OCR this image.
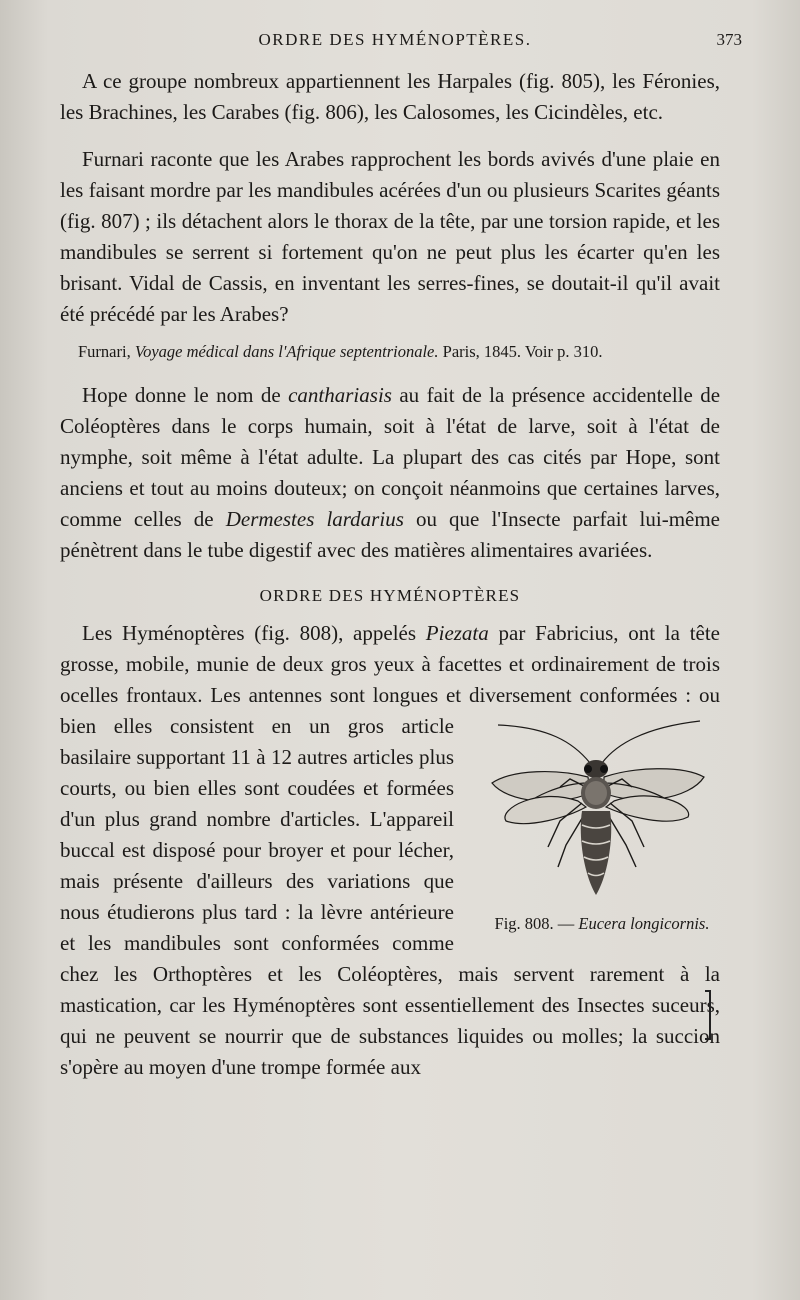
ORDRE DES HYMÉNOPTÈRES.	373

A ce groupe nombreux appartiennent les Harpales (fig. 805), les Féronies, les Brachines, les Carabes (fig. 806), les Calosomes, les Cicindèles, etc.

Furnari raconte que les Arabes rapprochent les bords avivés d'une plaie en les faisant mordre par les mandibules acérées d'un ou plusieurs Scarites géants (fig. 807) ; ils détachent alors le thorax de la tête, par une torsion rapide, et les mandibules se serrent si fortement qu'on ne peut plus les écarter qu'en les brisant. Vidal de Cassis, en inventant les serres-fines, se doutait-il qu'il avait été précédé par les Arabes?

Furnari, Voyage médical dans l'Afrique septentrionale. Paris, 1845. Voir p. 310.

Hope donne le nom de canthariasis au fait de la présence accidentelle de Coléoptères dans le corps humain, soit à l'état de larve, soit à l'état de nymphe, soit même à l'état adulte. La plupart des cas cités par Hope, sont anciens et tout au moins douteux; on conçoit néanmoins que certaines larves, comme celles de Dermestes lardarius ou que l'Insecte parfait lui-même pénètrent dans le tube digestif avec des matières alimentaires avariées.

ORDRE DES HYMÉNOPTÈRES

Les Hyménoptères (fig. 808), appelés Piezata par Fabricius, ont la tête grosse, mobile, munie de deux gros yeux à facettes et ordinairement de trois ocelles frontaux. Les antennes sont longues et diversement conformées :
Fig. 808. — Eucera longicornis.
ou bien elles consistent en un gros article basilaire supportant 11 à 12 autres articles plus courts, ou bien elles sont coudées et formées d'un plus grand nombre d'articles. L'appareil buccal est disposé pour broyer et pour lécher, mais présente d'ailleurs des variations que nous étudierons plus tard : la lèvre antérieure et les mandibules sont conformées comme chez les Orthoptères et les Coléoptères, mais servent rarement à la mastication, car les Hyménoptères sont essentiellement des Insectes suceurs, qui ne peuvent se nourrir que de substances liquides ou molles; la succion s'opère au moyen d'une trompe formée aux
